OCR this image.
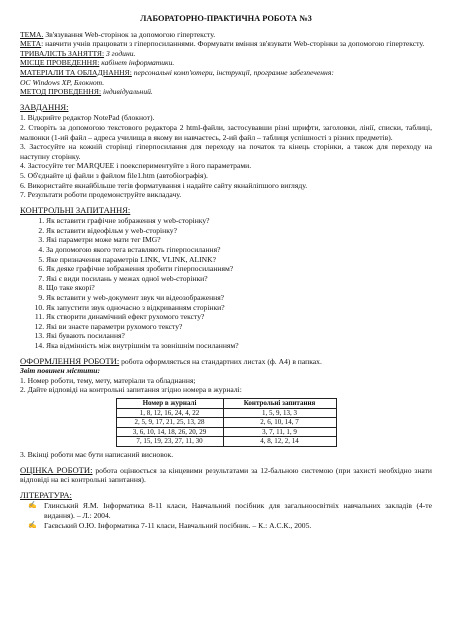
ЛАБОРАТОРНО-ПРАКТИЧНА РОБОТА №3

ТЕМА. Зв'язування Web-сторінок за допомогою гіпертексту.

МЕТА: навчити учнів працювати з гіперпосиланнями. Формувати вміння зв'язувати Web-сторінки за допомогою гіпертексту.

ТРИВАЛІСТЬ ЗАНЯТТЯ: 3 години.

МІСЦЕ ПРОВЕДЕННЯ: кабінет інформатики.

МАТЕРІАЛИ ТА ОБЛАДНАННЯ: персональні комп'ютери, інструкції, програмне забезпечення:

ОС Windows XP, Блокнот.

МЕТОД ПРОВЕДЕННЯ: індивідуальний.

ЗАВДАННЯ:

1. Відкрийте редактор NotePad (блокнот).

2. Створіть за допомогою текстового редактора 2 html-файли, застосувавши різні шрифти, заголовки, лінії, списки, таблиці, малюнки (1-ий файл – адреса училища в якому ви навчаєтесь, 2-ий файл – таблиця успішності з різних предметів).

3. Застосуйте на кожній сторінці гіперпосилання для переходу на початок та кінець сторінки, а також для переходу на наступну сторінку.

4. Застосуйте тег MARQUEE і поекспериментуйте з його параметрами.

5. Об'єднайте ці файли з файлом file1.htm (автобіографія).

6. Використайте якнайбільше тегів форматування і надайте сайту якнайліпшого вигляду.

7. Результати роботи продемонструйте викладачу.

КОНТРОЛЬНІ ЗАПИТАННЯ:
1. Як вставити графічне зображення у web-сторінку?
2. Як вставити відеофільм у web-сторінку?
3. Які параметри може мати тег IMG?
4. За допомогою якого тега вставляють гіперпосилання?
5. Яке призначення параметрів LINK, VLINK, ALINK?
6. Як деяке графічне зображення зробити гіперпосиланням?
7. Які є види посилань у межах одної web-сторінки?
8. Що таке якорі?
9. Як вставити у web-документ звук чи відеозображення?
10. Як запустити звук одночасно з відкриванням сторінки?
11. Як створити динамічний ефект рухомого тексту?
12. Які ви знаєте параметри рухомого тексту?
13. Які бувають посилання?
14. Яка відмінність між внутрішнім та зовнішнім посиланням?

ОФОРМЛЕННЯ РОБОТИ: робота оформляється на стандартних листах (ф. А4) в папках.

Звіт повинен містити:

1. Номер роботи, тему, мету, матеріали та обладнання;

2. Дайте відповіді на контрольні запитання згідно номера в журналі:

Номер в журналі	Контрольні запитання
1, 8, 12, 16, 24, 4, 22	1, 5, 9, 13, 3
2, 5, 9, 17, 21, 25, 13, 28	2, 6, 10, 14, 7
3, 6, 10, 14, 18, 26, 20, 29	3, 7, 11, 1, 9
7, 15, 19, 23, 27, 11, 30	4, 8, 12, 2, 14

3. Вкінці роботи має бути написаний висновок.

ОЦІНКА РОБОТИ: робота оцінюється за кінцевими результатами за 12-бальною системою (при захисті необхідно знати відповіді на всі контрольні запитання).

ЛІТЕРАТУРА:

✍ Глинський Я.М. Інформатика 8-11 класи, Навчальний посібник для загальноосвітніх навчальних закладів (4-те видання). – Л.: 2004.

✍ Гаєвський О.Ю. Інформатика 7-11 класи, Навчальний посібник. – К.: А.С.К., 2005.
